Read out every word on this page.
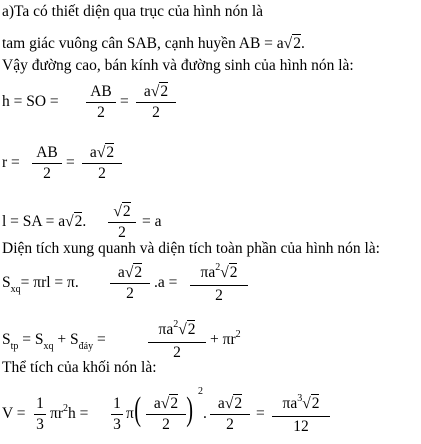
a)Ta có thiết diện qua trục của hình nón là
tam giác vuông cân SAB, cạnh huyền AB = a√2.
Vậy đường cao, bán kính và đường sinh của hình nón là:
h = SO =
AB
2
=
a√2
2
r =
AB
2
=
a√2
2
l = SA = a√2.
√2
2
= a
Diện tích xung quanh và diện tích toàn phần của hình nón là:
$S_{xq}= \pi rl = \pi$.
a√2
2
.a =
$\pi a^2√2$
2
$S_{tp} = S_{xq} + S_{đáy}$ =
$\pi a^2√2$
2
+ $\pi r^2$
Thể tích của khối nón là:
V =
1
3
$\pi r^2h$ =
1
3
π ( a√2
2 ) 2
.
a√2
2
=
$\pi a^3√2$
12
